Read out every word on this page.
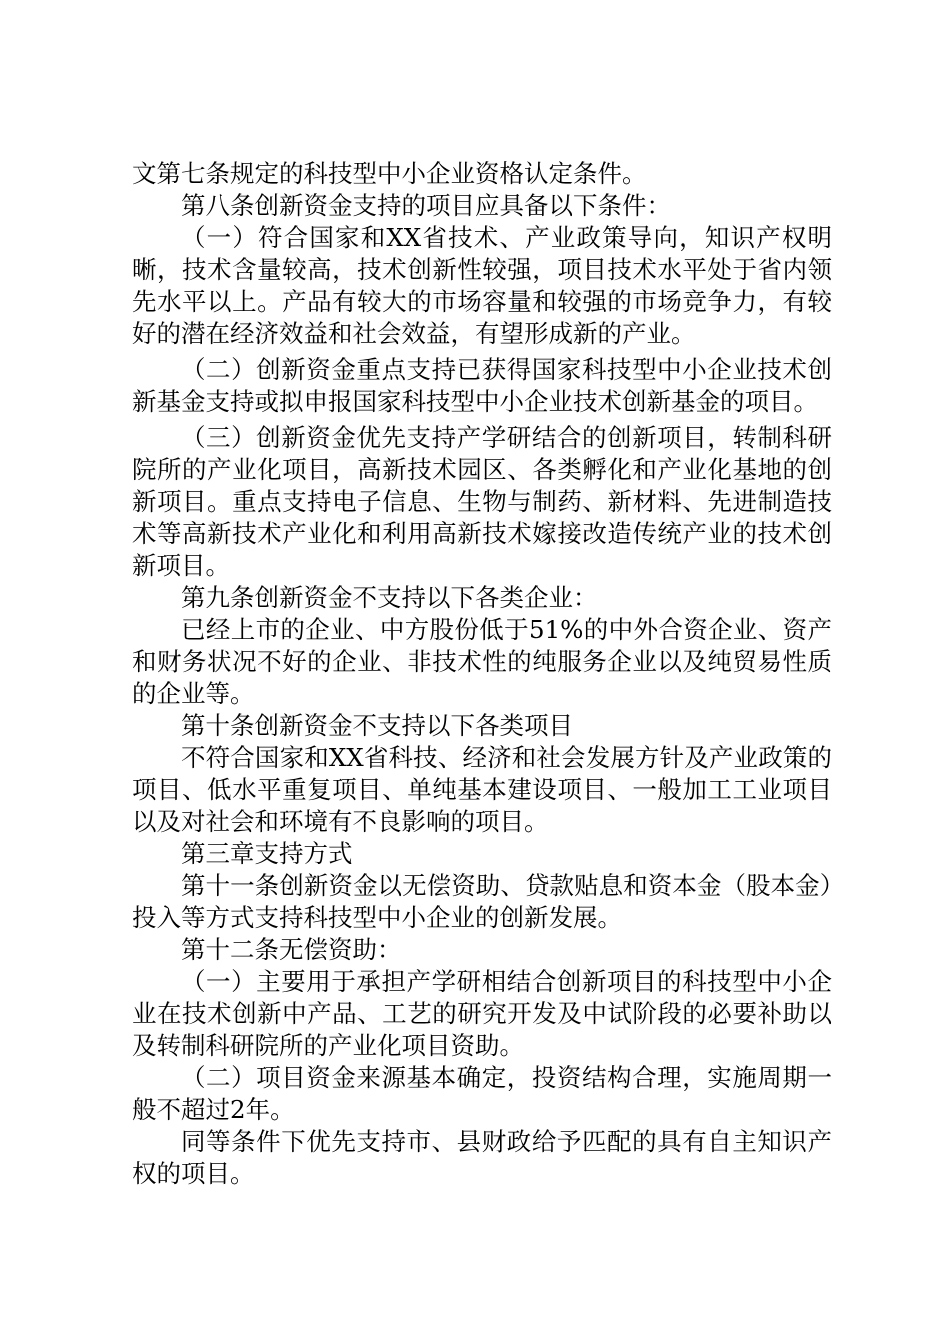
文第七条规定的科技型中小企业资格认定条件。

第八条创新资金支持的项目应具备以下条件：

（一）符合国家和XX省技术、产业政策导向，知识产权明晰，技术含量较高，技术创新性较强，项目技术水平处于省内领先水平以上。产品有较大的市场容量和较强的市场竞争力，有较好的潜在经济效益和社会效益，有望形成新的产业。

（二）创新资金重点支持已获得国家科技型中小企业技术创新基金支持或拟申报国家科技型中小企业技术创新基金的项目。

（三）创新资金优先支持产学研结合的创新项目，转制科研院所的产业化项目，高新技术园区、各类孵化和产业化基地的创新项目。重点支持电子信息、生物与制药、新材料、先进制造技术等高新技术产业化和利用高新技术嫁接改造传统产业的技术创新项目。

第九条创新资金不支持以下各类企业：

已经上市的企业、中方股份低于51%的中外合资企业、资产和财务状况不好的企业、非技术性的纯服务企业以及纯贸易性质的企业等。

第十条创新资金不支持以下各类项目

不符合国家和XX省科技、经济和社会发展方针及产业政策的项目、低水平重复项目、单纯基本建设项目、一般加工工业项目以及对社会和环境有不良影响的项目。

第三章支持方式

第十一条创新资金以无偿资助、贷款贴息和资本金（股本金）投入等方式支持科技型中小企业的创新发展。

第十二条无偿资助：

（一）主要用于承担产学研相结合创新项目的科技型中小企业在技术创新中产品、工艺的研究开发及中试阶段的必要补助以及转制科研院所的产业化项目资助。

（二）项目资金来源基本确定，投资结构合理，实施周期一般不超过2年。

同等条件下优先支持市、县财政给予匹配的具有自主知识产权的项目。
